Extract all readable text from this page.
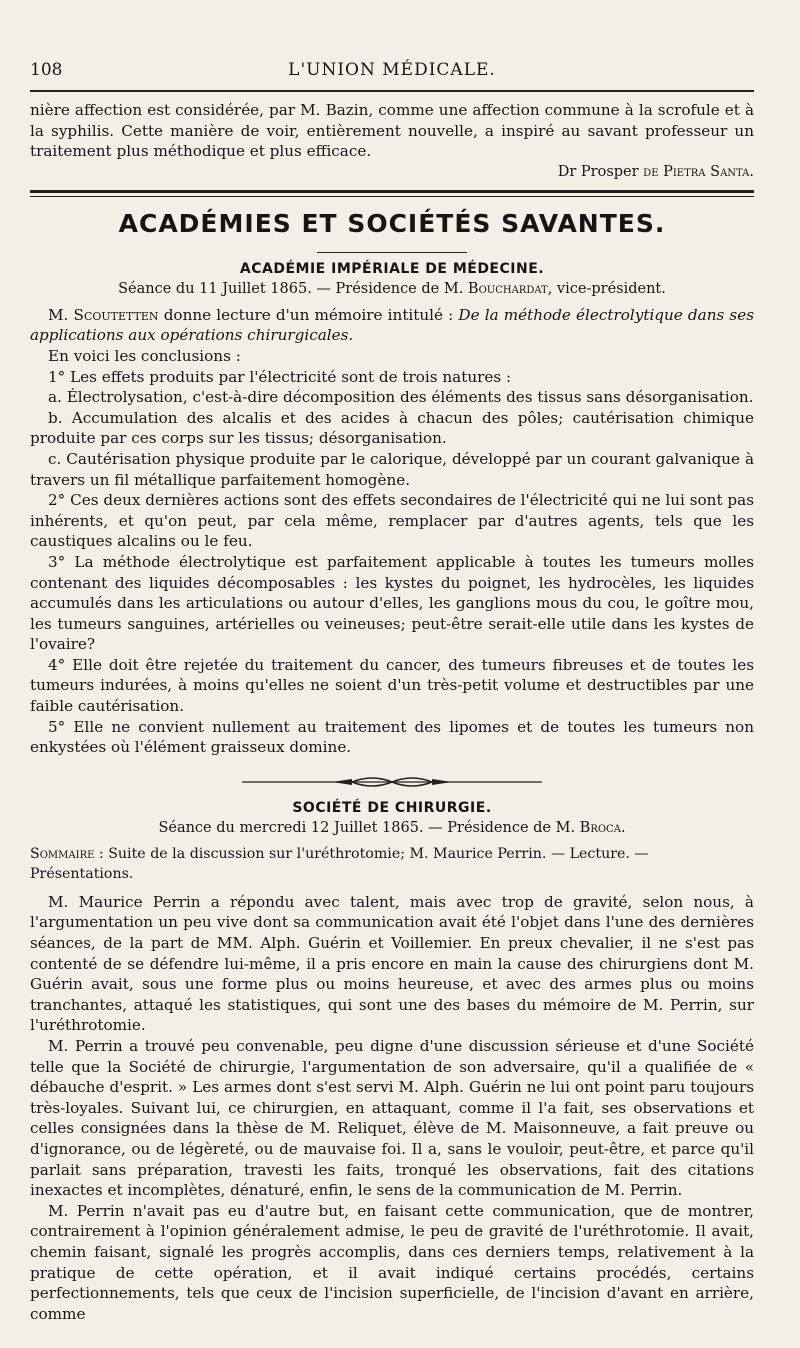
108	L'UNION MÉDICALE.

nière affection est considérée, par M. Bazin, comme une affection commune à la scrofule et à la syphilis. Cette manière de voir, entièrement nouvelle, a inspiré au savant professeur un traitement plus méthodique et plus efficace.

Dr Prosper de Pietra Santa.
ACADÉMIES ET SOCIÉTÉS SAVANTES.
ACADÉMIE IMPÉRIALE DE MÉDECINE.
Séance du 11 Juillet 1865. — Présidence de M. Bouchardat, vice-président.

M. Scoutetten donne lecture d'un mémoire intitulé : De la méthode électrolytique dans ses applications aux opérations chirurgicales.

En voici les conclusions :

1° Les effets produits par l'électricité sont de trois natures :

a. Électrolysation, c'est-à-dire décomposition des éléments des tissus sans désorganisation.

b. Accumulation des alcalis et des acides à chacun des pôles; cautérisation chimique produite par ces corps sur les tissus; désorganisation.

c. Cautérisation physique produite par le calorique, développé par un courant galvanique à travers un fil métallique parfaitement homogène.

2° Ces deux dernières actions sont des effets secondaires de l'électricité qui ne lui sont pas inhérents, et qu'on peut, par cela même, remplacer par d'autres agents, tels que les caustiques alcalins ou le feu.

3° La méthode électrolytique est parfaitement applicable à toutes les tumeurs molles contenant des liquides décomposables : les kystes du poignet, les hydrocèles, les liquides accumulés dans les articulations ou autour d'elles, les ganglions mous du cou, le goître mou, les tumeurs sanguines, artérielles ou veineuses; peut-être serait-elle utile dans les kystes de l'ovaire?

4° Elle doit être rejetée du traitement du cancer, des tumeurs fibreuses et de toutes les tumeurs indurées, à moins qu'elles ne soient d'un très-petit volume et destructibles par une faible cautérisation.

5° Elle ne convient nullement au traitement des lipomes et de toutes les tumeurs non enkystées où l'élément graisseux domine.

SOCIÉTÉ DE CHIRURGIE.
Séance du mercredi 12 Juillet 1865. — Présidence de M. Broca.

Sommaire : Suite de la discussion sur l'uréthrotomie; M. Maurice Perrin. — Lecture. — Présentations.

M. Maurice Perrin a répondu avec talent, mais avec trop de gravité, selon nous, à l'argumentation un peu vive dont sa communication avait été l'objet dans l'une des dernières séances, de la part de MM. Alph. Guérin et Voillemier. En preux chevalier, il ne s'est pas contenté de se défendre lui-même, il a pris encore en main la cause des chirurgiens dont M. Guérin avait, sous une forme plus ou moins heureuse, et avec des armes plus ou moins tranchantes, attaqué les statistiques, qui sont une des bases du mémoire de M. Perrin, sur l'uréthrotomie.

M. Perrin a trouvé peu convenable, peu digne d'une discussion sérieuse et d'une Société telle que la Société de chirurgie, l'argumentation de son adversaire, qu'il a qualifiée de « débauche d'esprit. » Les armes dont s'est servi M. Alph. Guérin ne lui ont point paru toujours très-loyales. Suivant lui, ce chirurgien, en attaquant, comme il l'a fait, ses observations et celles consignées dans la thèse de M. Reliquet, élève de M. Maisonneuve, a fait preuve ou d'ignorance, ou de légèreté, ou de mauvaise foi. Il a, sans le vouloir, peut-être, et parce qu'il parlait sans préparation, travesti les faits, tronqué les observations, fait des citations inexactes et incomplètes, dénaturé, enfin, le sens de la communication de M. Perrin.

M. Perrin n'avait pas eu d'autre but, en faisant cette communication, que de montrer, contrairement à l'opinion généralement admise, le peu de gravité de l'uréthrotomie. Il avait, chemin faisant, signalé les progrès accomplis, dans ces derniers temps, relativement à la pratique de cette opération, et il avait indiqué certains procédés, certains perfectionnements, tels que ceux de l'incision superficielle, de l'incision d'avant en arrière, comme
